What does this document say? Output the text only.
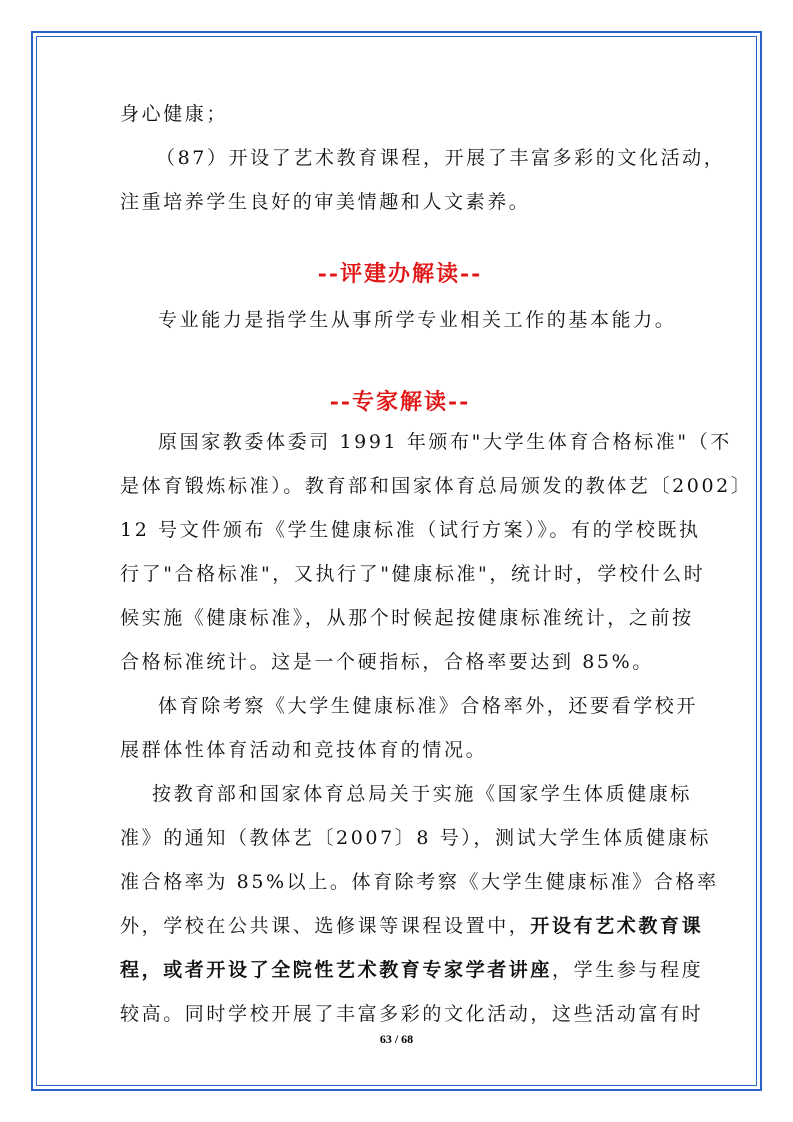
身心健康；
（87）开设了艺术教育课程，开展了丰富多彩的文化活动，
注重培养学生良好的审美情趣和人文素养。
--评建办解读--
专业能力是指学生从事所学专业相关工作的基本能力。
--专家解读--
原国家教委体委司 1991 年颁布"大学生体育合格标准"（不
是体育锻炼标准）。教育部和国家体育总局颁发的教体艺〔2002〕
12 号文件颁布《学生健康标准（试行方案）》。有的学校既执
行了"合格标准"，又执行了"健康标准"，统计时，学校什么时
候实施《健康标准》，从那个时候起按健康标准统计，之前按
合格标准统计。这是一个硬指标，合格率要达到 85%。
体育除考察《大学生健康标准》合格率外，还要看学校开
展群体性体育活动和竞技体育的情况。
按教育部和国家体育总局关于实施《国家学生体质健康标
准》的通知（教体艺〔2007〕8 号），测试大学生体质健康标
准合格率为 85%以上。体育除考察《大学生健康标准》合格率
外，学校在公共课、选修课等课程设置中，开设有艺术教育课
程，或者开设了全院性艺术教育专家学者讲座，学生参与程度
较高。同时学校开展了丰富多彩的文化活动，这些活动富有时
63 / 68
